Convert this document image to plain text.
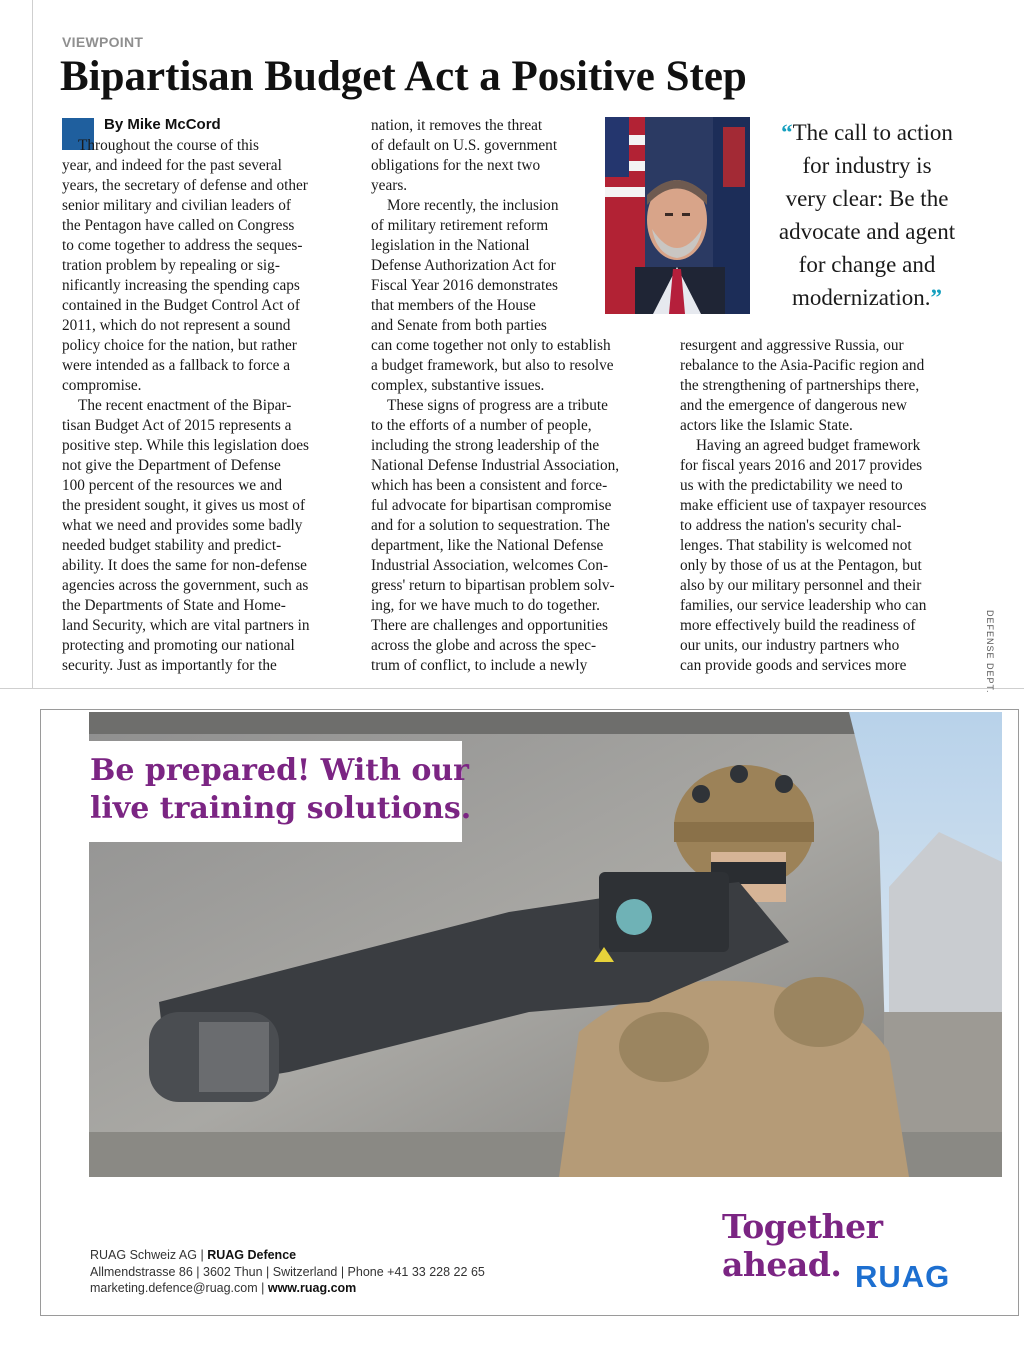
VIEWPOINT
Bipartisan Budget Act a Positive Step
By Mike McCord
Throughout the course of this
year, and indeed for the past several
years, the secretary of defense and other
senior military and civilian leaders of
the Pentagon have called on Congress
to come together to address the seques-
tration problem by repealing or sig-
nificantly increasing the spending caps
contained in the Budget Control Act of
2011, which do not represent a sound
policy choice for the nation, but rather
were intended as a fallback to force a
compromise.
The recent enactment of the Bipar-
tisan Budget Act of 2015 represents a
positive step. While this legislation does
not give the Department of Defense
100 percent of the resources we and
the president sought, it gives us most of
what we need and provides some badly
needed budget stability and predict-
ability. It does the same for non-defense
agencies across the government, such as
the Departments of State and Home-
land Security, which are vital partners in
protecting and promoting our national
security. Just as importantly for the
nation, it removes the threat
of default on U.S. government
obligations for the next two
years.
More recently, the inclusion
of military retirement reform
legislation in the National
Defense Authorization Act for
Fiscal Year 2016 demonstrates
that members of the House
and Senate from both parties
can come together not only to establish
a budget framework, but also to resolve
complex, substantive issues.
These signs of progress are a tribute
to the efforts of a number of people,
including the strong leadership of the
National Defense Industrial Association,
which has been a consistent and force-
ful advocate for bipartisan compromise
and for a solution to sequestration. The
department, like the National Defense
Industrial Association, welcomes Con-
gress' return to bipartisan problem solv-
ing, for we have much to do together.
There are challenges and opportunities
across the globe and across the spec-
trum of conflict, to include a newly
resurgent and aggressive Russia, our
rebalance to the Asia-Pacific region and
the strengthening of partnerships there,
and the emergence of dangerous new
actors like the Islamic State.
Having an agreed budget framework
for fiscal years 2016 and 2017 provides
us with the predictability we need to
make efficient use of taxpayer resources
to address the nation's security chal-
lenges. That stability is welcomed not
only by those of us at the Pentagon, but
also by our military personnel and their
families, our service leadership who can
more effectively build the readiness of
our units, our industry partners who
can provide goods and services more
“The call to action
for industry is
very clear: Be the
advocate and agent
for change and
modernization.”
DEFENSE DEPT.
Be prepared! With our
live training solutions.
RUAG Schweiz AG | RUAG Defence
Allmendstrasse 86 | 3602 Thun | Switzerland | Phone +41 33 228 22 65
marketing.defence@ruag.com | www.ruag.com
Together
ahead. RUAG
